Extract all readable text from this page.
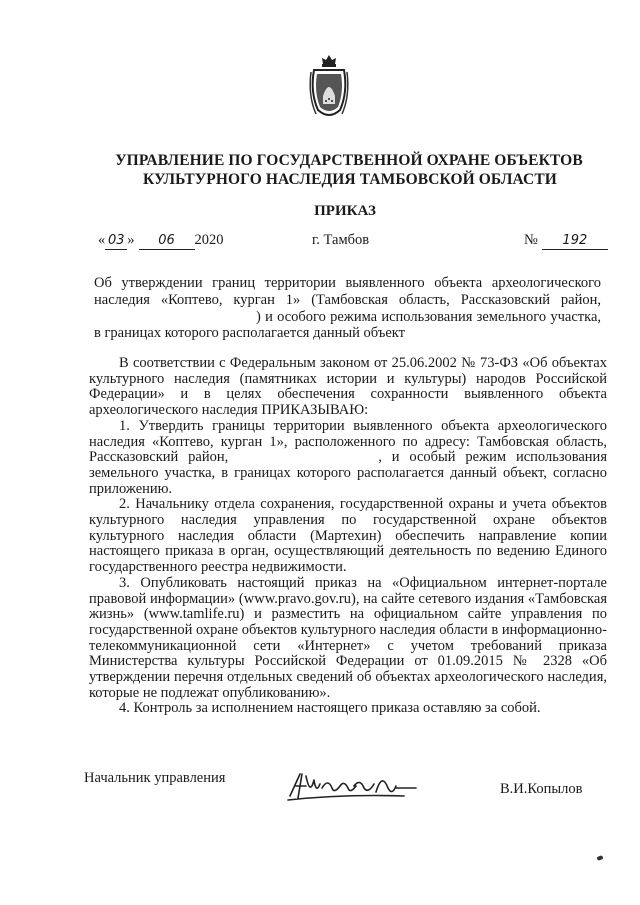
УПРАВЛЕНИЕ ПО ГОСУДАРСТВЕННОЙ ОХРАНЕ ОБЪЕКТОВ
КУЛЬТУРНОГО НАСЛЕДИЯ ТАМБОВСКОЙ ОБЛАСТИ
ПРИКАЗ
« 03 » 06 2020	г. Тамбов	№ 192
Об утверждении границ территории выявленного объекта археологического
наследия «Коптево, курган 1» (Тамбовская область, Рассказовский район,
) и особого режима использования земельного участка,
в границах которого располагается данный объект

В соответствии с Федеральным законом от 25.06.2002 № 73-ФЗ «Об объектах культурного наследия (памятниках истории и культуры) народов Российской Федерации» и в целях обеспечения сохранности выявленного объекта археологического наследия ПРИКАЗЫВАЮ:

1. Утвердить границы территории выявленного объекта археологического наследия «Коптево, курган 1», расположенного по адресу: Тамбовская область, Рассказовский район,	, и особый режим использования земельного участка, в границах которого располагается данный объект, согласно приложению.

2. Начальнику отдела сохранения, государственной охраны и учета объектов культурного наследия управления по государственной охране объектов культурного наследия области (Мартехин) обеспечить направление копии настоящего приказа в орган, осуществляющий деятельность по ведению Единого государственного реестра недвижимости.

3. Опубликовать настоящий приказ на «Официальном интернет-портале правовой информации» (www.pravo.gov.ru), на сайте сетевого издания «Тамбовская жизнь» (www.tamlife.ru) и разместить на официальном сайте управления по государственной охране объектов культурного наследия области в информационно-телекоммуникационной сети «Интернет» с учетом требований приказа Министерства культуры Российской Федерации от 01.09.2015 № 2328 «Об утверждении перечня отдельных сведений об объектах археологического наследия, которые не подлежат опубликованию».

4. Контроль за исполнением настоящего приказа оставляю за собой.

Начальник управления
В.И.Копылов
